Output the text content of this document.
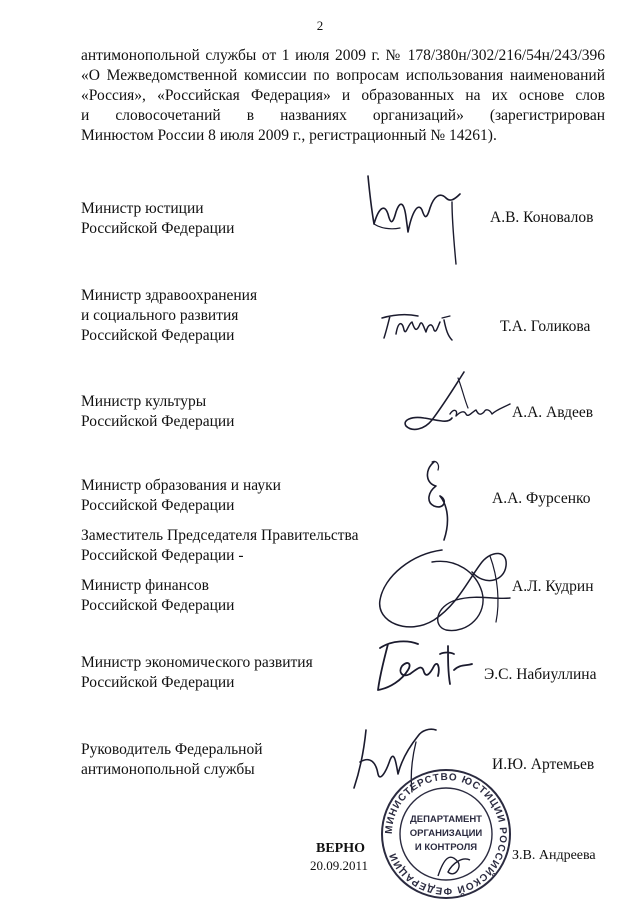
2
антимонопольной службы от 1 июля 2009 г. № 178/380н/302/216/54н/243/396
«О Межведомственной комиссии по вопросам использования наименований
«Россия», «Российская Федерация» и образованных на их основе слов
и словосочетаний в названиях организаций» (зарегистрирован
Минюстом России 8 июля 2009 г., регистрационный № 14261).
Министр юстиции
Российской Федерации
А.В. Коновалов
Министр здравоохранения
и социального развития
Российской Федерации
Т.А. Голикова
Министр культуры
Российской Федерации
А.А. Авдеев
Министр образования и науки
Российской Федерации	А.А. Фурсенко
Заместитель Председателя Правительства
Российской Федерации -
Министр финансов
Российской Федерации
А.Л. Кудрин
Министр экономического развития
Российской Федерации	Э.С. Набиуллина
Руководитель Федеральной
антимонопольной службы	И.Ю. Артемьев
ВЕРНО
20.09.2011
МИНИСТЕРСТВО ЮСТИЦИИ РОССИЙСКОЙ ФЕДЕРАЦИИ
ДЕПАРТАМЕНТ
ОРГАНИЗАЦИИ
И КОНТРОЛЯ
З.В. Андреева
